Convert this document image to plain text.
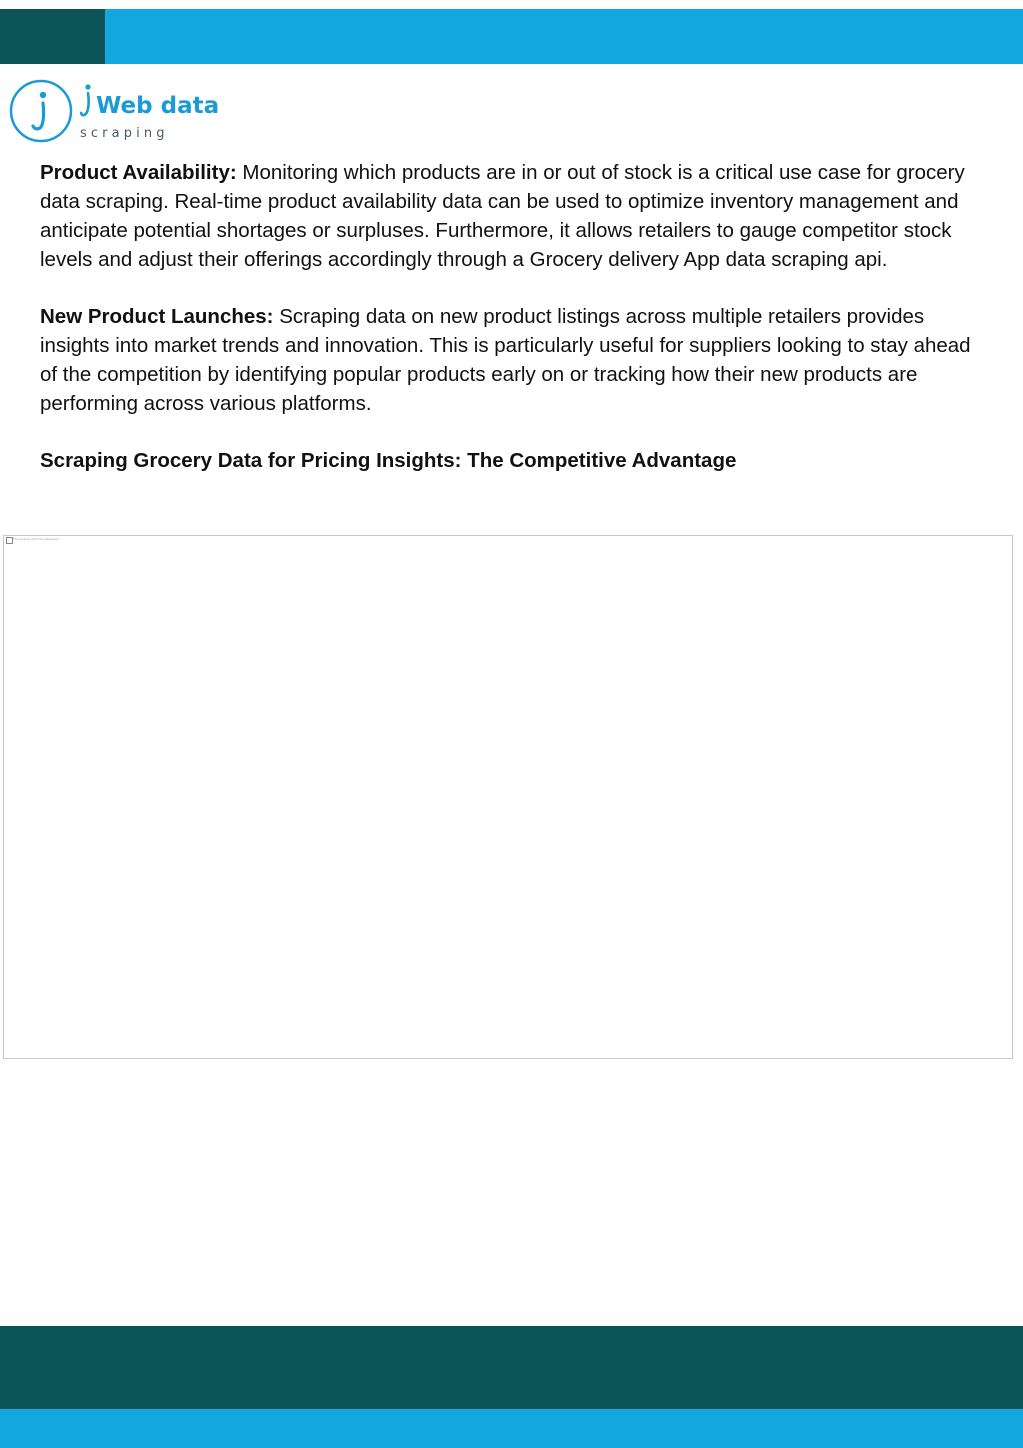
Web data
s c r a p i n g

Product Availability: Monitoring which products are in or out of stock is a critical use case for grocery data scraping. Real-time product availability data can be used to optimize inventory management and anticipate potential shortages or surpluses. Furthermore, it allows retailers to gauge competitor stock levels and adjust their offerings accordingly through a Grocery delivery App data scraping api.

New Product Launches: Scraping data on new product listings across multiple retailers provides insights into market trends and innovation. This is particularly useful for suppliers looking to stay ahead of the competition by identifying popular products early on or tracking how their new products are performing across various platforms.

Scraping Grocery Data for Pricing Insights: The Competitive Advantage
The picture can't be displayed.
